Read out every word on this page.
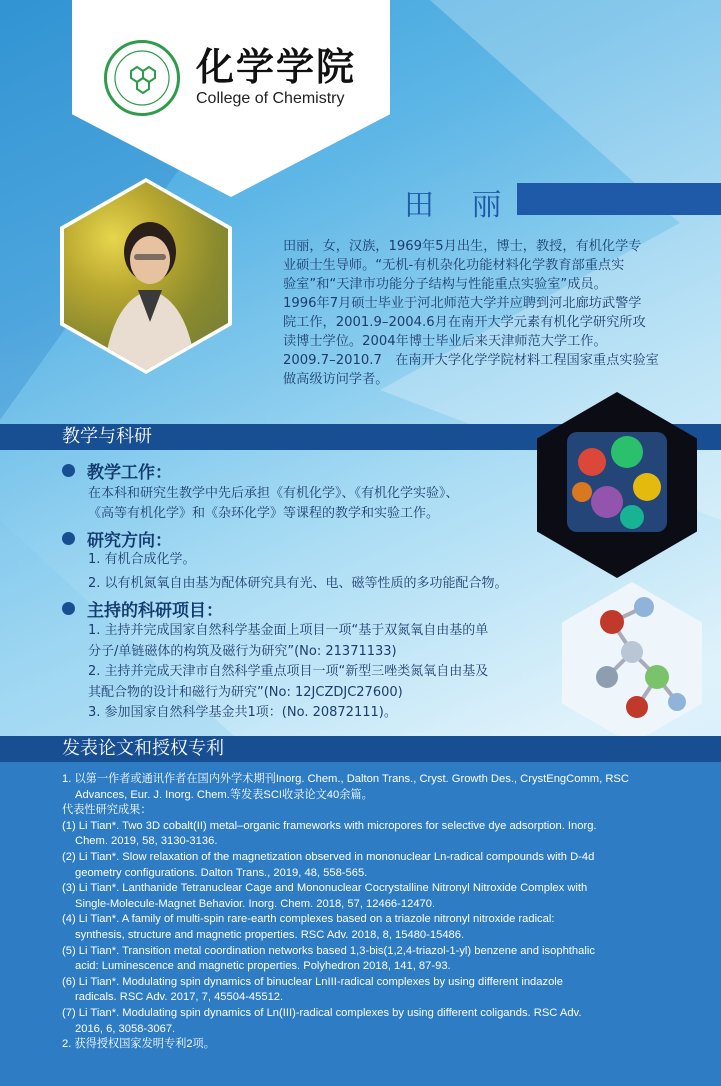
化学学院
College of Chemistry
田 丽

田丽，女，汉族，1969年5月出生，博士，教授，有机化学专

业硕士生导师。“无机-有机杂化功能材料化学教育部重点实

验室”和“天津市功能分子结构与性能重点实验室”成员。

1996年7月硕士毕业于河北师范大学并应聘到河北廊坊武警学

院工作，2001.9–2004.6月在南开大学元素有机化学研究所攻

读博士学位。2004年博士毕业后来天津师范大学工作。

2009.7–2010.7　在南开大学化学学院材料工程国家重点实验室

做高级访问学者。

教学与科研
教学工作：
在本科和研究生教学中先后承担《有机化学》、《有机化学实验》、
《高等有机化学》和《杂环化学》等课程的教学和实验工作。
研究方向：
1. 有机合成化学。
2. 以有机氮氧自由基为配体研究具有光、电、磁等性质的多功能配合物。
主持的科研项目：
1. 主持并完成国家自然科学基金面上项目一项“基于双氮氧自由基的单
分子/单链磁体的构筑及磁行为研究”(No: 21371133)
2. 主持并完成天津市自然科学重点项目一项“新型三唑类氮氧自由基及
其配合物的设计和磁行为研究”(No: 12JCZDJC27600)
3. 参加国家自然科学基金共1项：(No. 20872111)。
发表论文和授权专利
1. 以第一作者或通讯作者在国内外学术期刊Inorg. Chem., Dalton Trans., Cryst. Growth Des., CrystEngComm, RSC
Advances, Eur. J. Inorg. Chem.等发表SCI收录论文40余篇。
代表性研究成果：
(1) Li Tian*. Two 3D cobalt(II) metal–organic frameworks with micropores for selective dye adsorption. Inorg.
Chem. 2019, 58, 3130-3136.
(2) Li Tian*. Slow relaxation of the magnetization observed in mononuclear Ln-radical compounds with D-4d
geometry configurations. Dalton Trans., 2019, 48, 558-565.
(3) Li Tian*. Lanthanide Tetranuclear Cage and Mononuclear Cocrystalline Nitronyl Nitroxide Complex with
Single-Molecule-Magnet Behavior. Inorg. Chem. 2018, 57, 12466-12470.
(4) Li Tian*. A family of multi-spin rare-earth complexes based on a triazole nitronyl nitroxide radical:
synthesis, structure and magnetic properties. RSC Adv. 2018, 8, 15480-15486.
(5) Li Tian*. Transition metal coordination networks based 1,3-bis(1,2,4-triazol-1-yl) benzene and isophthalic
acid: Luminescence and magnetic properties. Polyhedron 2018, 141, 87-93.
(6) Li Tian*. Modulating spin dynamics of binuclear LnIII-radical complexes by using different indazole
radicals. RSC Adv. 2017, 7, 45504-45512.
(7) Li Tian*. Modulating spin dynamics of Ln(III)-radical complexes by using different coligands. RSC Adv.
2016, 6, 3058-3067.
2. 获得授权国家发明专利2项。
